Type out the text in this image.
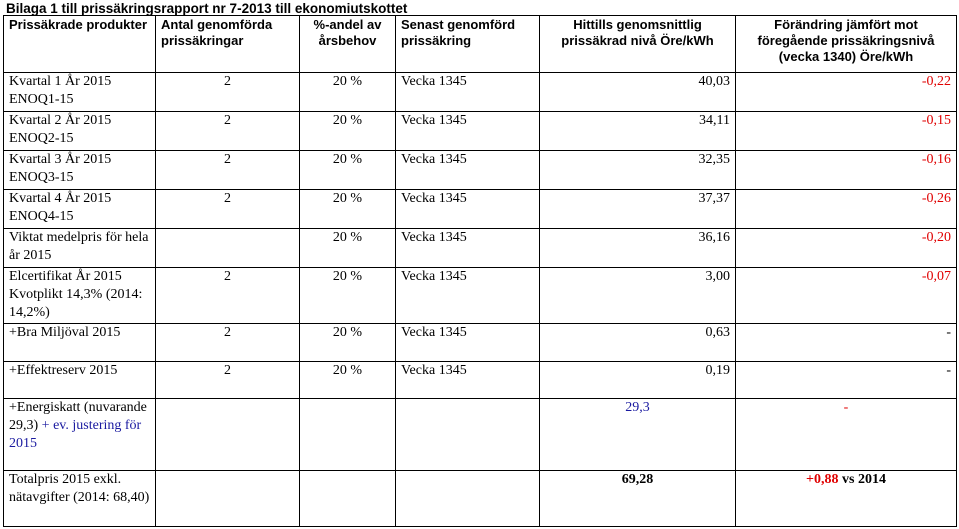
Bilaga 1 till prissäkringsrapport nr 7-2013 till ekonomiutskottet
Prissäkrade produkter	Antal genomförda prissäkringar	%-andel av årsbehov	Senast genomförd prissäkring	Hittills genomsnittlig prissäkrad nivå Öre/kWh	Förändring jämfört mot föregående prissäkringsnivå (vecka 1340) Öre/kWh
Kvartal 1 År 2015 ENOQ1-15	2	20 %	Vecka 1345	40,03	-0,22
Kvartal 2 År 2015 ENOQ2-15	2	20 %	Vecka 1345	34,11	-0,15
Kvartal 3 År 2015 ENOQ3-15	2	20 %	Vecka 1345	32,35	-0,16
Kvartal 4 År 2015 ENOQ4-15	2	20 %	Vecka 1345	37,37	-0,26
Viktat medelpris för hela år 2015		20 %	Vecka 1345	36,16	-0,20
Elcertifikat År 2015 Kvotplikt 14,3% (2014: 14,2%)	2	20 %	Vecka 1345	3,00	-0,07
+Bra Miljöval 2015	2	20 %	Vecka 1345	0,63	-
+Effektreserv 2015	2	20 %	Vecka 1345	0,19	-
+Energiskatt (nuvarande 29,3) + ev. justering för 2015				29,3	-
Totalpris 2015 exkl. nätavgifter (2014: 68,40)				69,28	+0,88 vs 2014
